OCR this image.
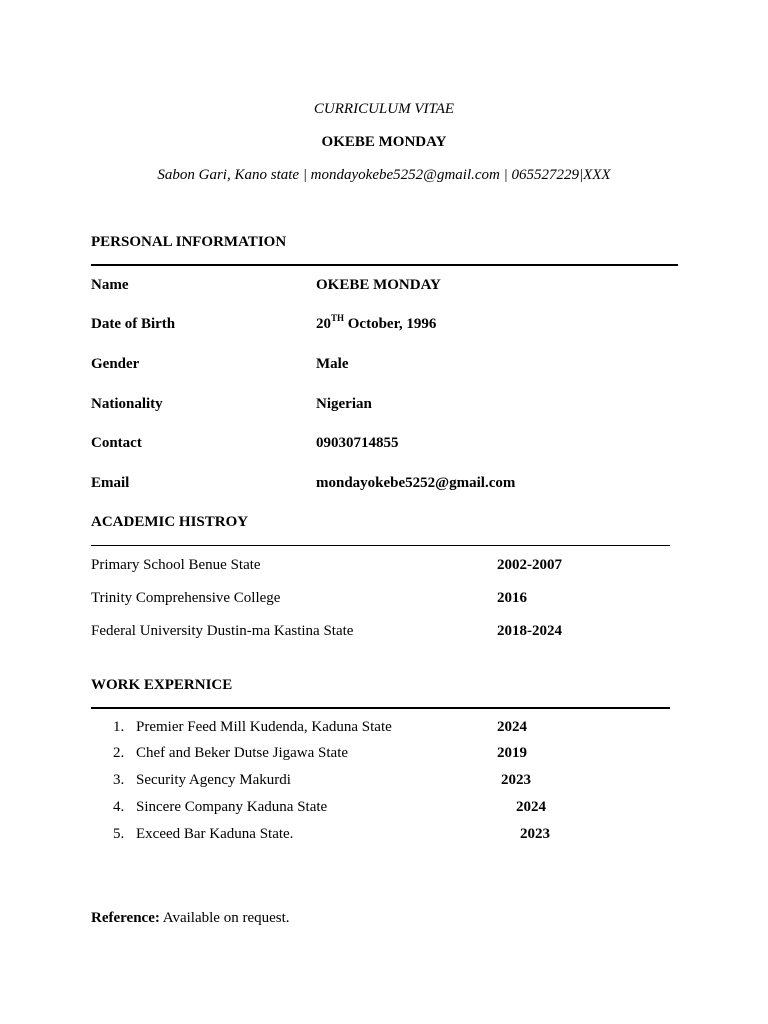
CURRICULUM VITAE
OKEBE MONDAY
Sabon Gari, Kano state | mondayokebe5252@gmail.com | 065527229|XXX
PERSONAL INFORMATION
Name	OKEBE MONDAY
Date of Birth	20TH October, 1996
Gender	Male
Nationality	Nigerian
Contact	09030714855
Email	mondayokebe5252@gmail.com
ACADEMIC HISTROY
Primary School Benue State	2002-2007
Trinity Comprehensive College	2016
Federal University Dustin-ma Kastina State	2018-2024
WORK EXPERNICE
1. Premier Feed Mill Kudenda, Kaduna State	2024
2. Chef and Beker Dutse Jigawa State	2019
3. Security Agency Makurdi	2023
4. Sincere Company Kaduna State	2024
5. Exceed Bar Kaduna State.	2023
Reference: Available on request.
